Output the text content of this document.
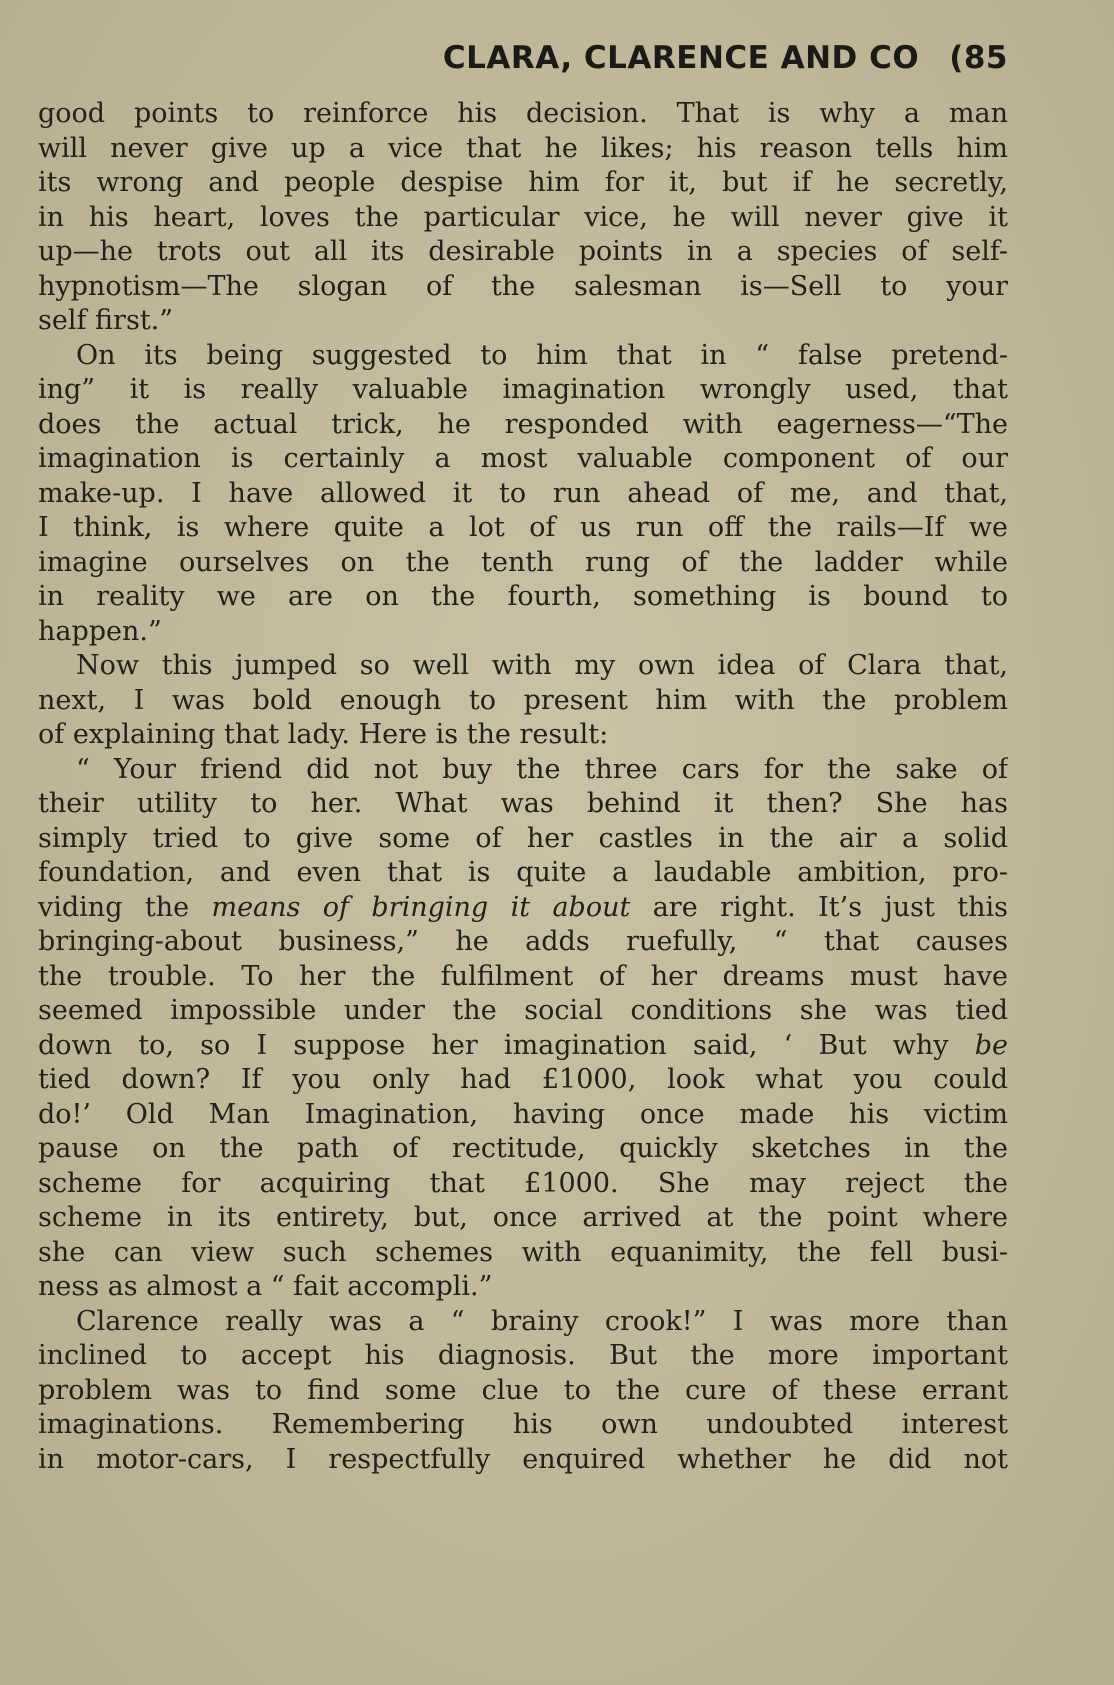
CLARA, CLARENCE AND CO (85
good points to reinforce his decision. That is why a man
will never give up a vice that he likes; his reason tells him
its wrong and people despise him for it, but if he secretly,
in his heart, loves the particular vice, he will never give it
up—he trots out all its desirable points in a species of self-
hypnotism—The slogan of the salesman is—Sell to your
self first.”
On its being suggested to him that in “ false pretend-
ing” it is really valuable imagination wrongly used, that
does the actual trick, he responded with eagerness—“The
imagination is certainly a most valuable component of our
make-up. I have allowed it to run ahead of me, and that,
I think, is where quite a lot of us run off the rails—If we
imagine ourselves on the tenth rung of the ladder while
in reality we are on the fourth, something is bound to
happen.”
Now this jumped so well with my own idea of Clara that,
next, I was bold enough to present him with the problem
of explaining that lady. Here is the result:
“ Your friend did not buy the three cars for the sake of
their utility to her. What was behind it then? She has
simply tried to give some of her castles in the air a solid
foundation, and even that is quite a laudable ambition, pro-
viding the means of bringing it about are right. It’s just this
bringing-about business,” he adds ruefully, “ that causes
the trouble. To her the fulfilment of her dreams must have
seemed impossible under the social conditions she was tied
down to, so I suppose her imagination said, ‘ But why be
tied down? If you only had £1000, look what you could
do!’ Old Man Imagination, having once made his victim
pause on the path of rectitude, quickly sketches in the
scheme for acquiring that £1000. She may reject the
scheme in its entirety, but, once arrived at the point where
she can view such schemes with equanimity, the fell busi-
ness as almost a “ fait accompli.”
Clarence really was a “ brainy crook!” I was more than
inclined to accept his diagnosis. But the more important
problem was to find some clue to the cure of these errant
imaginations. Remembering his own undoubted interest
in motor-cars, I respectfully enquired whether he did not
